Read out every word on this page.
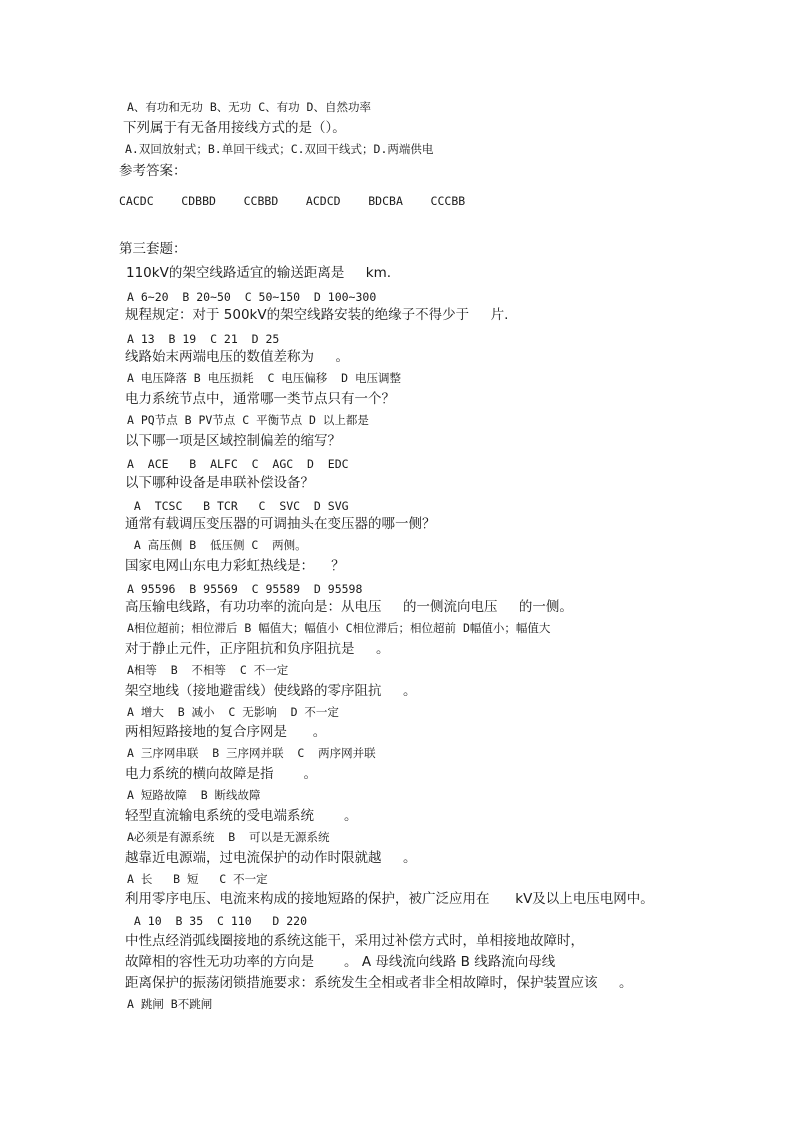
A、有功和无功 B、无功 C、有功 D、自然功率
下列属于有无备用接线方式的是（）。
A.双回放射式；B.单回干线式；C.双回干线式；D.两端供电
参考答案：
CACDC    CDBBD    CCBBD    ACDCD    BDCBA    CCCBB
第三套题：
110kV的架空线路适宜的输送距离是     km.
A 6~20  B 20~50  C 50~150  D 100~300
规程规定：对于 500kV的架空线路安装的绝缘子不得少于     片.
A 13  B 19  C 21  D 25
线路始末两端电压的数值差称为     。
A 电压降落 B 电压损耗  C 电压偏移  D 电压调整
电力系统节点中，通常哪一类节点只有一个？
A PQ节点 B PV节点 C 平衡节点 D 以上都是
以下哪一项是区域控制偏差的缩写？
A  ACE   B  ALFC  C  AGC  D  EDC
以下哪种设备是串联补偿设备？
A  TCSC   B TCR   C  SVC  D SVG
通常有载调压变压器的可调抽头在变压器的哪一侧？
A 高压侧 B  低压侧 C  两侧。
国家电网山东电力彩虹热线是：    ？
A 95596  B 95569  C 95589  D 95598
高压输电线路，有功功率的流向是：从电压     的一侧流向电压     的一侧。
A相位超前；相位滞后 B 幅值大；幅值小 C相位滞后；相位超前 D幅值小；幅值大
对于静止元件，正序阻抗和负序阻抗是     。
A相等  B  不相等  C 不一定
架空地线（接地避雷线）使线路的零序阻抗     。
A 增大  B 减小  C 无影响  D 不一定
两相短路接地的复合序网是      。
A 三序网串联  B 三序网并联  C  两序网并联
电力系统的横向故障是指       。
A 短路故障  B 断线故障
轻型直流输电系统的受电端系统       。
A必须是有源系统  B  可以是无源系统
越靠近电源端，过电流保护的动作时限就越     。
A 长   B 短   C 不一定
利用零序电压、电流来构成的接地短路的保护，被广泛应用在      kV及以上电压电网中。
A 10  B 35  C 110   D 220
中性点经消弧线圈接地的系统这能干，采用过补偿方式时，单相接地故障时，
故障相的容性无功功率的方向是       。 A 母线流向线路 B 线路流向母线
距离保护的振荡闭锁措施要求：系统发生全相或者非全相故障时，保护装置应该     。
A 跳闸 B不跳闸
